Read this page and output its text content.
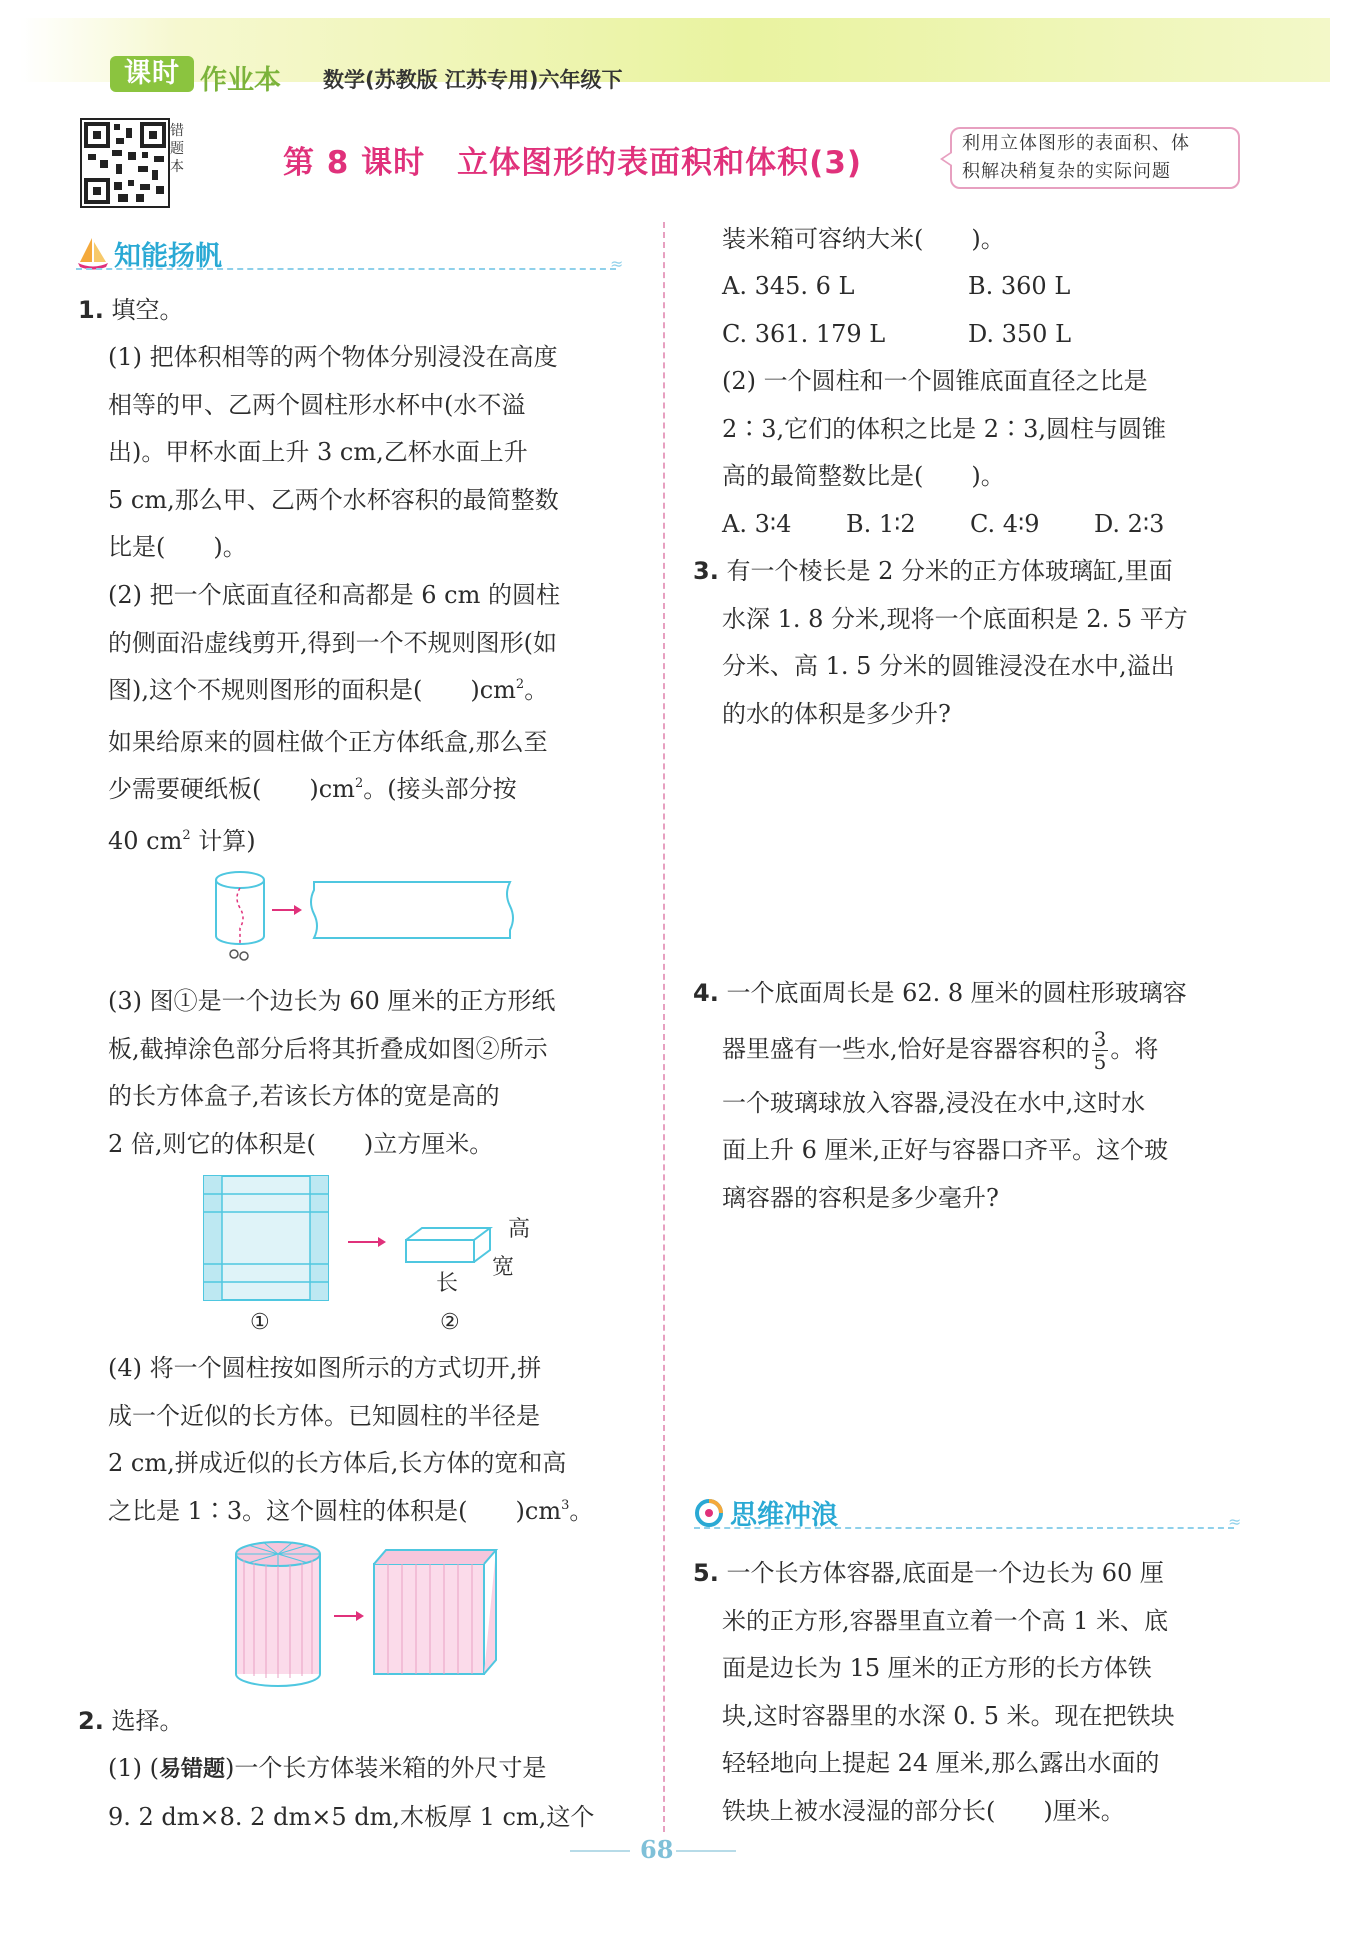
课时 作业本 数学(苏教版 江苏专用)六年级下
错题本	第 8 课时　立体图形的表面积和体积(3)
利用立体图形的表面积、体
积解决稍复杂的实际问题
知能扬帆	≈
1. 填空。
(1) 把体积相等的两个物体分别浸没在高度
相等的甲、乙两个圆柱形水杯中(水不溢
出)。甲杯水面上升 3 cm,乙杯水面上升
5 cm,那么甲、乙两个水杯容积的最简整数
比是(　　)。
(2) 把一个底面直径和高都是 6 cm 的圆柱
的侧面沿虚线剪开,得到一个不规则图形(如
图),这个不规则图形的面积是(　　)$cm^2$。
如果给原来的圆柱做个正方体纸盒,那么至
少需要硬纸板(　　)$cm^2$。(接头部分按
40 $cm^2$ 计算)
(3) 图①是一个边长为 60 厘米的正方形纸
板,截掉涂色部分后将其折叠成如图②所示
的长方体盒子,若该长方体的宽是高的
2 倍,则它的体积是(　　)立方厘米。
高
宽
长
①	②
(4) 将一个圆柱按如图所示的方式切开,拼
成一个近似的长方体。已知圆柱的半径是
2 cm,拼成近似的长方体后,长方体的宽和高
之比是 1∶3。这个圆柱的体积是(　　)$cm^3$。
2. 选择。
(1) (易错题)一个长方体装米箱的外尺寸是
9. 2 dm×8. 2 dm×5 dm,木板厚 1 cm,这个
装米箱可容纳大米(　　)。
A. 345. 6 L	B. 360 L
C. 361. 179 L	D. 350 L
(2) 一个圆柱和一个圆锥底面直径之比是
2∶3,它们的体积之比是 2∶3,圆柱与圆锥
高的最简整数比是(　　)。
A. 3∶4 B. 1∶2 C. 4∶9 D. 2∶3
3. 有一个棱长是 2 分米的正方体玻璃缸,里面
水深 1. 8 分米,现将一个底面积是 2. 5 平方
分米、高 1. 5 分米的圆锥浸没在水中,溢出
的水的体积是多少升?
4. 一个底面周长是 62. 8 厘米的圆柱形玻璃容
器里盛有一些水,恰好是容器容积的 $\frac{3}{5}$ 。将
一个玻璃球放入容器,浸没在水中,这时水
面上升 6 厘米,正好与容器口齐平。这个玻
璃容器的容积是多少毫升?
思维冲浪	≈
5. 一个长方体容器,底面是一个边长为 60 厘
米的正方形,容器里直立着一个高 1 米、底
面是边长为 15 厘米的正方形的长方体铁
块,这时容器里的水深 0. 5 米。现在把铁块
轻轻地向上提起 24 厘米,那么露出水面的
铁块上被水浸湿的部分长(　　)厘米。
68
